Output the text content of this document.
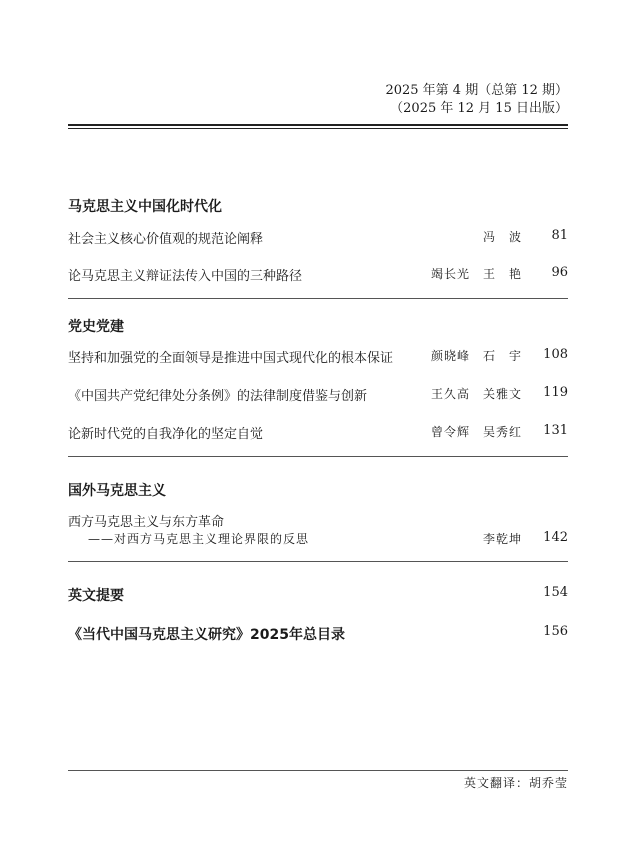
2025 年第 4 期（总第 12 期）
（2025 年 12 月 15 日出版）
马克思主义中国化时代化
社会主义核心价值观的规范论阐释	冯　波 81
论马克思主义辩证法传入中国的三种路径	竭长光　王　艳 96
党史党建
坚持和加强党的全面领导是推进中国式现代化的根本保证	颜晓峰　石　宇 108
《中国共产党纪律处分条例》的法律制度借鉴与创新	王久高　关雅文 119
论新时代党的自我净化的坚定自觉	曾令辉　吴秀红 131
国外马克思主义
西方马克思主义与东方革命
——对西方马克思主义理论界限的反思	李乾坤 142
英文提要	154
《当代中国马克思主义研究》2025年总目录	156
英文翻译：胡乔莹
